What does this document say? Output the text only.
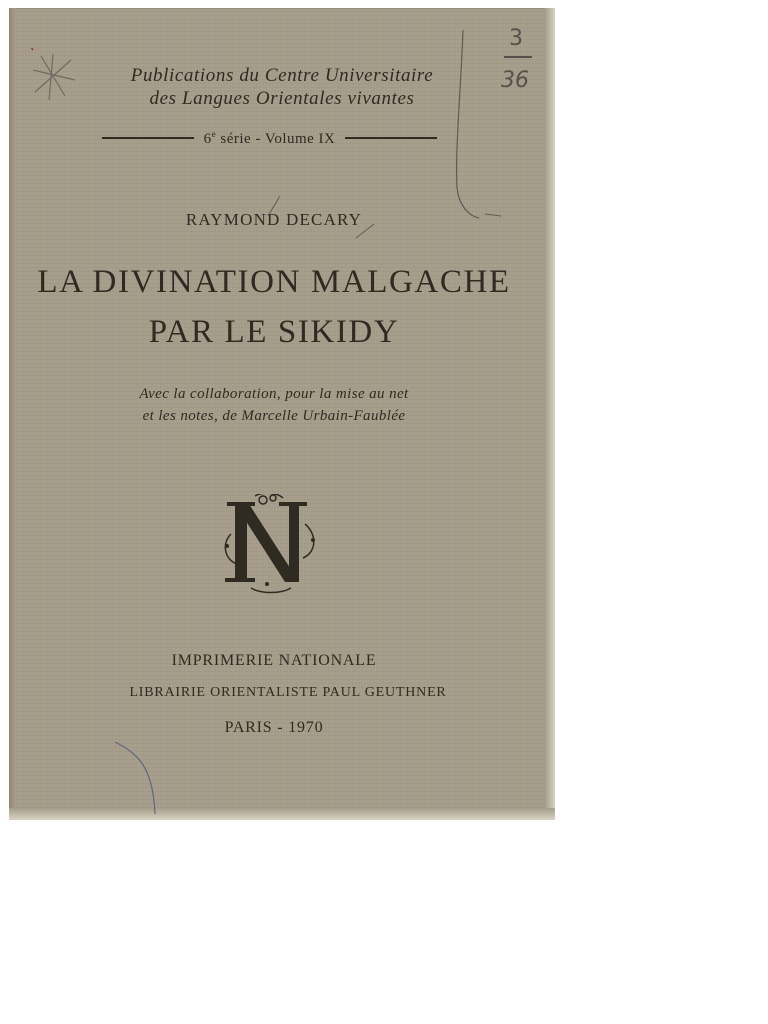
3
36
Publications du Centre Universitaire
des Langues Orientales vivantes
6e série - Volume IX
RAYMOND DECARY
LA DIVINATION MALGACHE
PAR LE SIKIDY
Avec la collaboration, pour la mise au net
et les notes, de Marcelle Urbain-Faublée
IMPRIMERIE NATIONALE
LIBRAIRIE ORIENTALISTE PAUL GEUTHNER
PARIS - 1970
